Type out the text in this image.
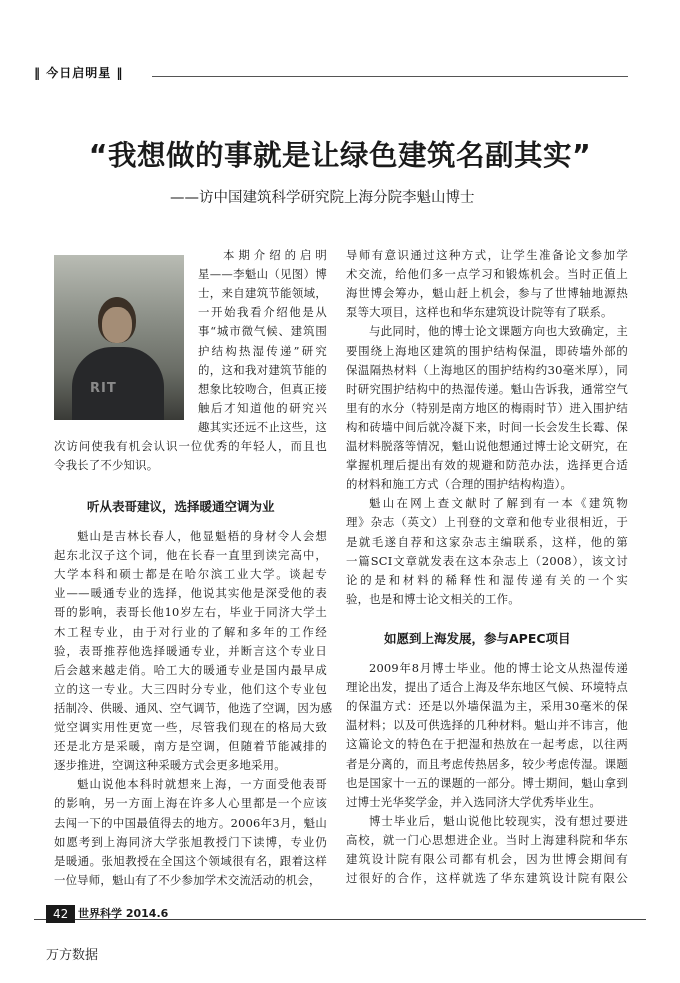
‖ 今日启明星 ‖
“我想做的事就是让绿色建筑名副其实”
——访中国建筑科学研究院上海分院李魁山博士
RIT
本期介绍的启明
星——李魁山（见图）博
士，来自建筑节能领域，
一开始我看介绍他是从
事“城市微气候、建筑围
护结构热湿传递”研究
的，这和我对建筑节能的
想象比较吻合，但真正接
触后才知道他的研究兴
趣其实还远不止这些，这
次访问使我有机会认识一位优秀的年轻人，而且也
令我长了不少知识。
魁山是吉林长春人，他显魁梧的身材令人会想
起东北汉子这个词，他在长春一直里到读完高中，
大学本科和硕士都是在哈尔滨工业大学。谈起专
业——暖通专业的选择，他说其实他是深受他的表
哥的影响，表哥长他10岁左右，毕业于同济大学土
木工程专业，由于对行业的了解和多年的工作经
验，表哥推荐他选择暖通专业，并断言这个专业日
后会越来越走俏。哈工大的暖通专业是国内最早成
立的这一专业。大三四时分专业，他们这个专业包
括制冷、供暖、通风、空气调节，他选了空调，因为感
觉空调实用性更宽一些，尽管我们现在的格局大致
还是北方是采暖，南方是空调，但随着节能减排的
逐步推进，空调这种采暖方式会更多地采用。
魁山说他本科时就想来上海，一方面受他表哥
的影响，另一方面上海在许多人心里都是一个应该
去闯一下的中国最值得去的地方。2006年3月，魁山
如愿考到上海同济大学张旭教授门下读博，专业仍
是暖通。张旭教授在全国这个领域很有名，跟着这样
一位导师，魁山有了不少参加学术交流活动的机会，
导师有意识通过这种方式，让学生准备论文参加学
术交流，给他们多一点学习和锻炼机会。当时正值上
海世博会筹办，魁山赶上机会，参与了世博轴地源热
泵等大项目，这样也和华东建筑设计院等有了联系。
与此同时，他的博士论文课题方向也大致确定，主
要围绕上海地区建筑的围护结构保温，即砖墙外部的
保温隔热材料（上海地区的围护结构约30毫米厚），同
时研究围护结构中的热湿传递。魁山告诉我，通常空气
里有的水分（特别是南方地区的梅雨时节）进入围护结
构和砖墙中间后就冷凝下来，时间一长会发生长霉、保
温材料脱落等情况，魁山说他想通过博士论文研究，在
掌握机理后提出有效的规避和防范办法，选择更合适
的材料和施工方式（合理的围护结构构造）。
魁山在网上查文献时了解到有一本《建筑物
理》杂志（英文）上刊登的文章和他专业很相近，于
是就毛遂自荐和这家杂志主编联系，这样，他的第
一篇SCI文章就发表在这本杂志上（2008），该文讨
论的是和材料的稀释性和湿传递有关的一个实
验，也是和博士论文相关的工作。
2009年8月博士毕业。他的博士论文从热湿传递
理论出发，提出了适合上海及华东地区气候、环境特点
的保温方式：还是以外墙保温为主，采用30毫米的保
温材料；以及可供选择的几种材料。魁山并不讳言，他
这篇论文的特色在于把湿和热放在一起考虑，以往两
者是分离的，而且考虑传热居多，较少考虑传湿。课题
也是国家十一五的课题的一部分。博士期间，魁山拿到
过博士光华奖学金，并入选同济大学优秀毕业生。
博士毕业后，魁山说他比较现实，没有想过要进
高校，就一门心思想进企业。当时上海建科院和华东
建筑设计院有限公司都有机会，因为世博会期间有
过很好的合作，这样就选了华东建筑设计院有限公
听从表哥建议，选择暖通空调为业
如愿到上海发展，参与APEC项目
42 世界科学 2014.6
万方数据
